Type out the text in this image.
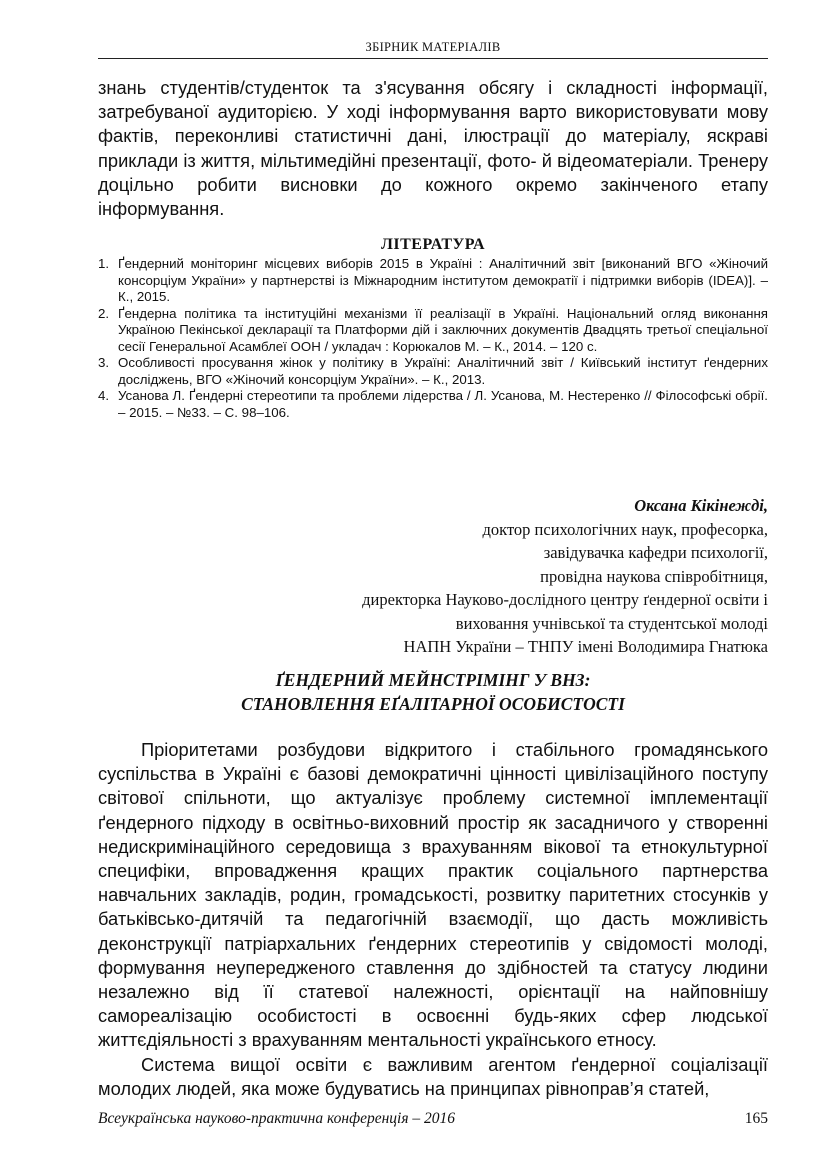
ЗБІРНИК МАТЕРІАЛІВ

знань студентів/студенток та з'ясування обсягу і складності інформації, затребуваної аудиторією. У ході інформування варто використовувати мову фактів, переконливі статистичні дані, ілюстрації до матеріалу, яскраві приклади із життя, мільтимедійні презентації, фото- й відеоматеріали. Тренеру доцільно робити висновки до кожного окремо закінченого етапу інформування.

ЛІТЕРАТУРА
1. Ґендерний моніторинг місцевих виборів 2015 в Україні : Аналітичний звіт [виконаний ВГО «Жіночий консорціум України» у партнерстві із Міжнародним інститутом демократії і підтримки виборів (IDEA)]. – К., 2015.
2. Ґендерна політика та інституційні механізми її реалізації в Україні. Національний огляд виконання Україною Пекінської декларації та Платформи дій і заключних документів Двадцять третьої спеціальної сесії Генеральної Асамблеї ООН / укладач : Корюкалов М. – К., 2014. – 120 с.
3. Особливості просування жінок у політику в Україні: Аналітичний звіт / Київський інститут ґендерних досліджень, ВГО «Жіночий консорціум України». – К., 2013.
4. Усанова Л. Ґендерні стереотипи та проблеми лідерства / Л. Усанова, М. Нестеренко // Філософські обрії. – 2015. – №33. – С. 98–106.
Оксана Кікінежді,
доктор психологічних наук, професорка,
завідувачка кафедри психології,
провідна наукова співробітниця,
директорка Науково-дослідного центру ґендерної освіти і
виховання учнівської та студентської молоді
НАПН України – ТНПУ імені Володимира Гнатюка
ҐЕНДЕРНИЙ МЕЙНСТРІМІНГ У ВНЗ:
СТАНОВЛЕННЯ ЕҐАЛІТАРНОЇ ОСОБИСТОСТІ

Пріоритетами розбудови відкритого і стабільного громадянського суспільства в Україні є базові демократичні цінності цивілізаційного поступу світової спільноти, що актуалізує проблему системної імплементації ґендерного підходу в освітньо-виховний простір як засадничого у створенні недискримінаційного середовища з врахуванням вікової та етнокультурної специфіки, впровадження кращих практик соціального партнерства навчальних закладів, родин, громадськості, розвитку паритетних стосунків у батьківсько-дитячій та педагогічній взаємодії, що дасть можливість деконструкції патріархальних ґендерних стереотипів у свідомості молоді, формування неупередженого ставлення до здібностей та статусу людини незалежно від її статевої належності, орієнтації на найповнішу самореалізацію особистості в освоєнні будь-яких сфер людської життєдіяльності з врахуванням ментальності українського етносу.

Система вищої освіти є важливим агентом ґендерної соціалізації молодих людей, яка може будуватись на принципах рівноправ’я статей,

Всеукраїнська науково-практична конференція – 2016	165
